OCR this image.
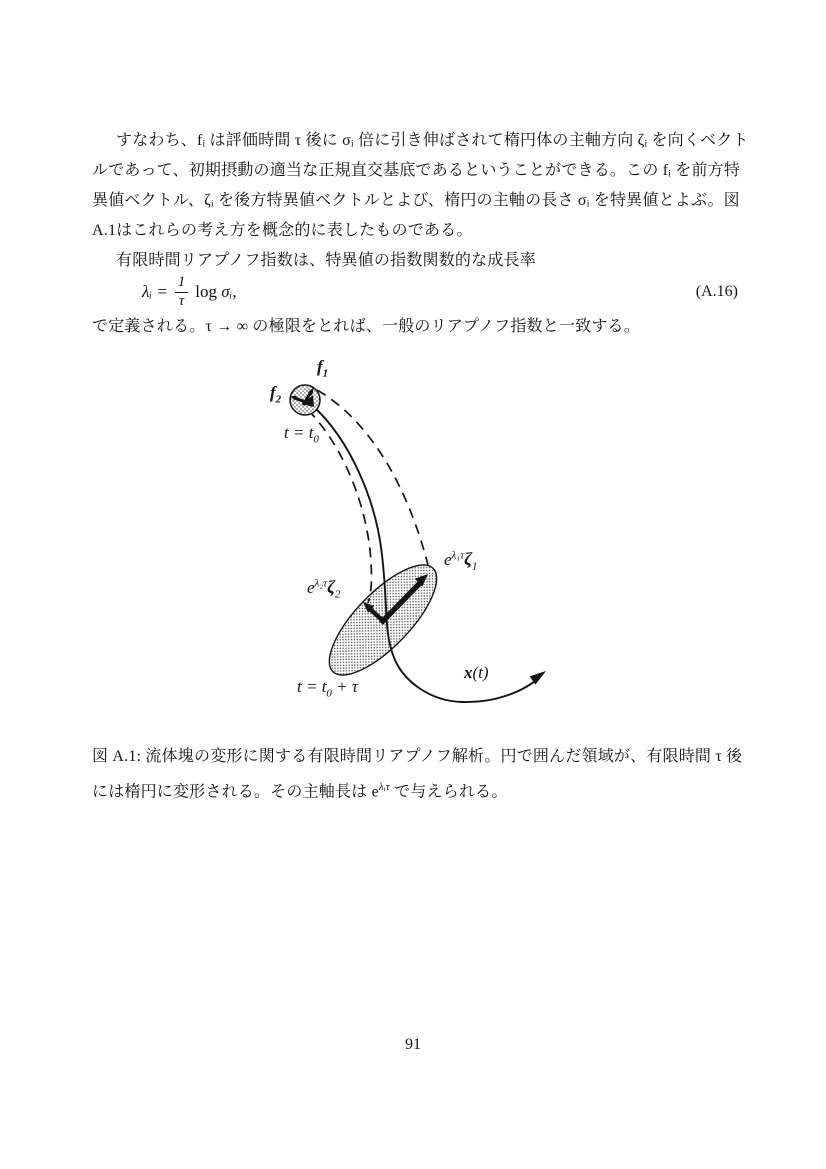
すなわち、fᵢ は評価時間 τ 後に σᵢ 倍に引き伸ばされて楕円体の主軸方向 ζᵢ を向くベクト
ルであって、初期摂動の適当な正規直交基底であるということができる。この fᵢ を前方特
異値ベクトル、ζᵢ を後方特異値ベクトルとよび、楕円の主軸の長さ σᵢ を特異値とよぶ。図
A.1はこれらの考え方を概念的に表したものである。
有限時間リアプノフ指数は、特異値の指数関数的な成長率
λᵢ = $\frac{1}{\tau}$ log
σᵢ,	(A.16)
で定義される。τ → ∞ の極限をとれば、一般のリアプノフ指数と一致する。
$f_1$
$f_2$
$t = t_0$
$e^{\lambda_2\tau}\zeta_2$
$e^{\lambda_1\tau}\zeta_1$
$t = t_0 + \tau$
x(t)
図 A.1: 流体塊の変形に関する有限時間リアプノフ解析。円で囲んだ領域が、有限時間 τ 後
には楕円に変形される。その主軸長は $e^{\lambda ᵢ\tau}$ で与えられる。
91
